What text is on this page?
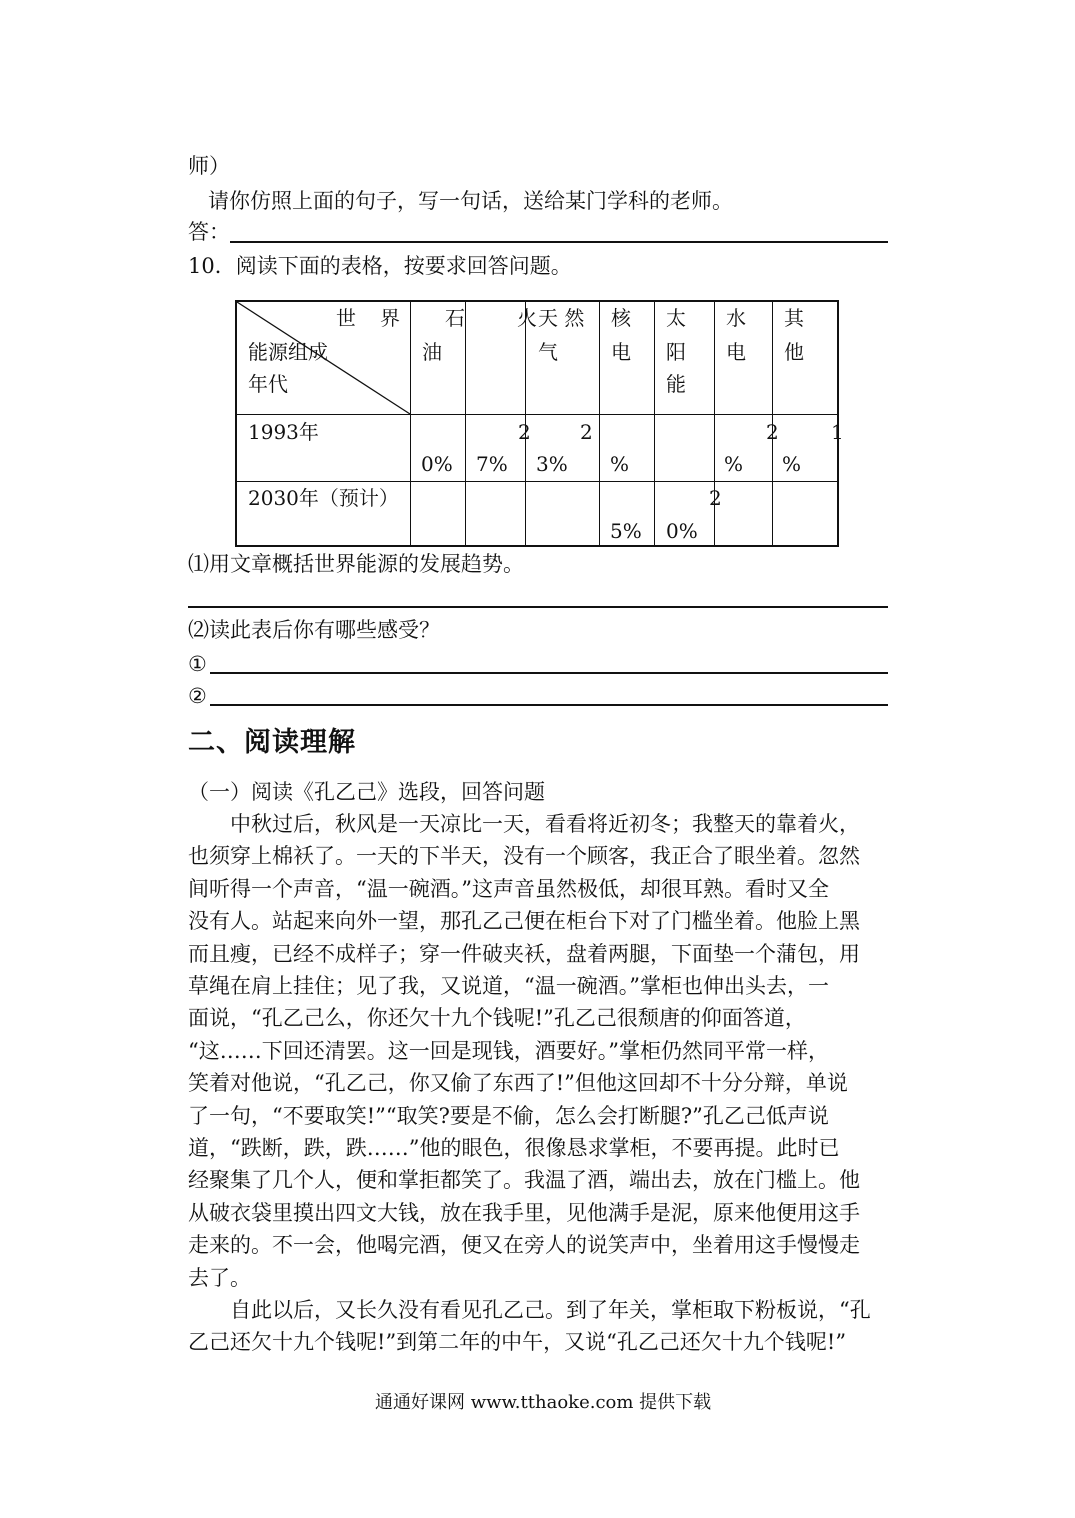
师）
请你仿照上面的句子，写一句话，送给某门学科的老师。
答：
10．阅读下面的表格，按要求回答问题。
世　界
能源组成
年代
石
油
火 天 然
气
核
电
太
阳
能
水
电
其
他
1993年
0%
2
7%
2
3% %
2
%
1
%
2030年（预计）	2
5% 0%
⑴用文章概括世界能源的发展趋势。
⑵读此表后你有哪些感受？
①
②
二、阅读理解
（一）阅读《孔乙己》选段，回答问题
　　中秋过后，秋风是一天凉比一天，看看将近初冬；我整天的靠着火，
也须穿上棉袄了。一天的下半天，没有一个顾客，我正合了眼坐着。忽然
间听得一个声音，“温一碗酒。”这声音虽然极低，却很耳熟。看时又全
没有人。站起来向外一望，那孔乙己便在柜台下对了门槛坐着。他脸上黑
而且瘦，已经不成样子；穿一件破夹袄，盘着两腿，下面垫一个蒲包，用
草绳在肩上挂住；见了我，又说道，“温一碗酒。”掌柜也伸出头去，一
面说，“孔乙己么，你还欠十九个钱呢!”孔乙己很颓唐的仰面答道，
“这……下回还清罢。这一回是现钱，酒要好。”掌柜仍然同平常一样，
笑着对他说，“孔乙己，你又偷了东西了!”但他这回却不十分分辩，单说
了一句，“不要取笑!”“取笑?要是不偷，怎么会打断腿?”孔乙己低声说
道，“跌断，跌，跌……”他的眼色，很像恳求掌柜，不要再提。此时已
经聚集了几个人，便和掌拒都笑了。我温了酒，端出去，放在门槛上。他
从破衣袋里摸出四文大钱，放在我手里，见他满手是泥，原来他便用这手
走来的。不一会，他喝完酒，便又在旁人的说笑声中，坐着用这手慢慢走
去了。
　　自此以后，又长久没有看见孔乙己。到了年关，掌柜取下粉板说，“孔
乙己还欠十九个钱呢!”到第二年的中午，又说“孔乙己还欠十九个钱呢!”
通通好课网 www.tthaoke.com 提供下载
